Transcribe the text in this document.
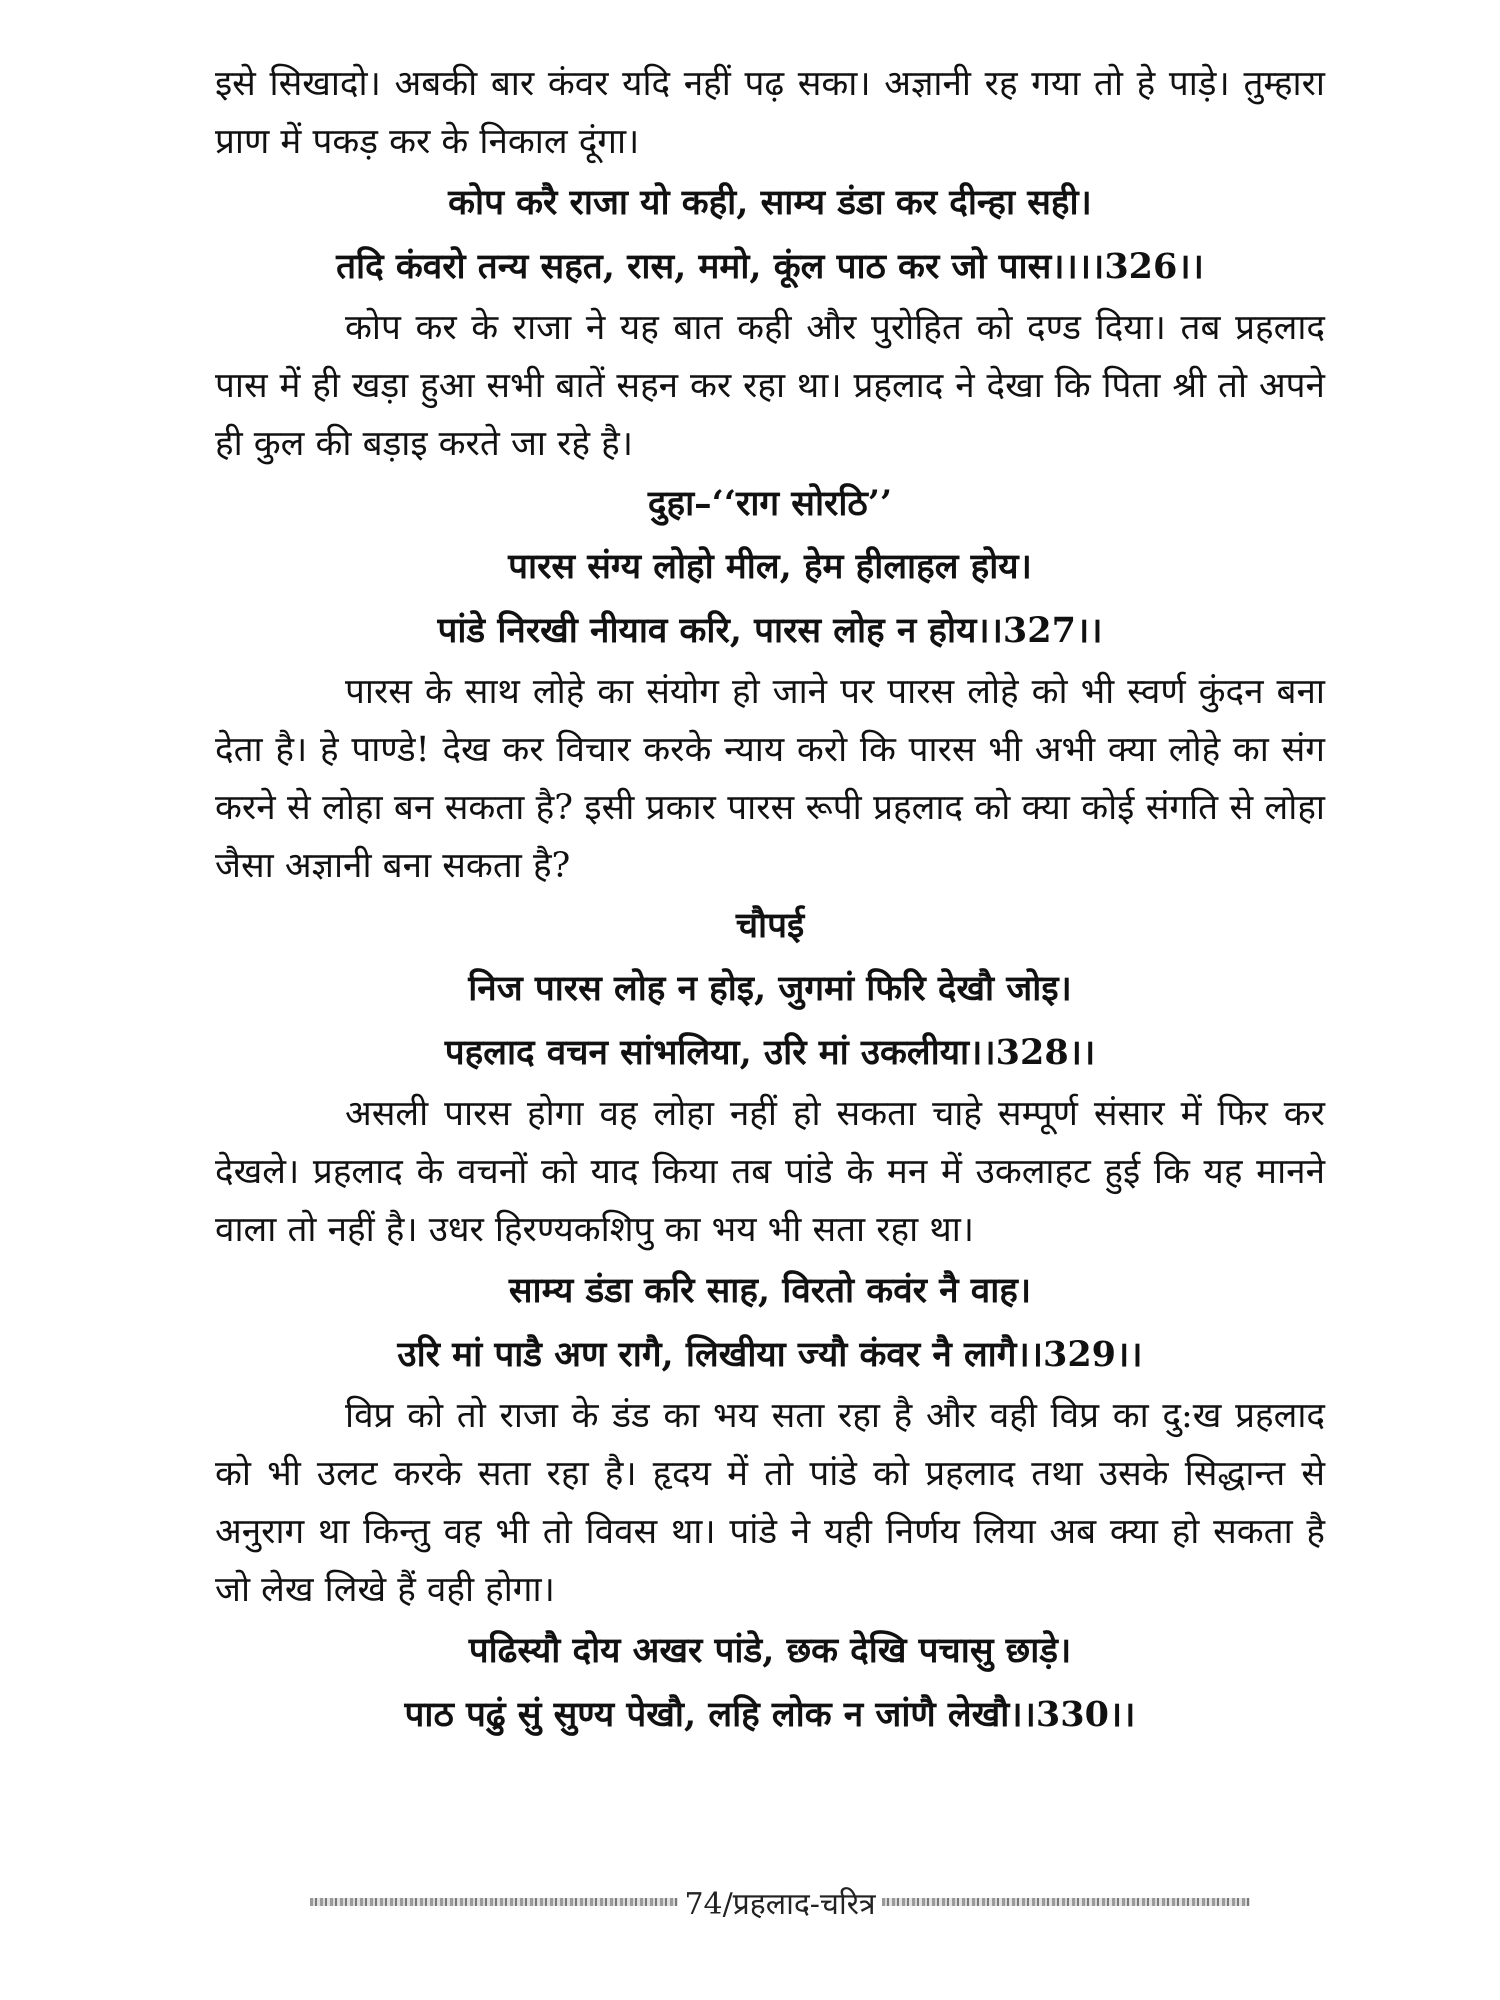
इसे सिखादो। अबकी बार कंवर यदि नहीं पढ़ सका। अज्ञानी रह गया तो हे पाड़े। तुम्हारा प्राण में पकड़ कर के निकाल दूंगा।

कोप करै राजा यो कही, साम्य डंडा कर दीन्हा सही।

तदि कंवरो तन्य सहत, रास, ममो, कूंल पाठ कर जो पास।।।।326।।

कोप कर के राजा ने यह बात कही और पुरोहित को दण्ड दिया। तब प्रहलाद पास में ही खड़ा हुआ सभी बातें सहन कर रहा था। प्रहलाद ने देखा कि पिता श्री तो अपने ही कुल की बड़ाइ करते जा रहे है।

दुहा–‘‘राग सोरठि’’

पारस संग्य लोहो मील, हेम हीलाहल होय।

पांडे निरखी नीयाव करि, पारस लोह न होय।।327।।

पारस के साथ लोहे का संयोग हो जाने पर पारस लोहे को भी स्वर्ण कुंदन बना देता है। हे पाण्डे! देख कर विचार करके न्याय करो कि पारस भी अभी क्या लोहे का संग करने से लोहा बन सकता है? इसी प्रकार पारस रूपी प्रहलाद को क्या कोई संगति से लोहा जैसा अज्ञानी बना सकता है?

चौपई

निज पारस लोह न होइ, जुगमां फिरि देखौ जोइ।

पहलाद वचन सांभलिया, उरि मां उकलीया।।328।।

असली पारस होगा वह लोहा नहीं हो सकता चाहे सम्पूर्ण संसार में फिर कर देखले। प्रहलाद के वचनों को याद किया तब पांडे के मन में उकलाहट हुई कि यह मानने वाला तो नहीं है। उधर हिरण्यकशिपु का भय भी सता रहा था।

साम्य डंडा करि साह, विरतो कवंर नै वाह।

उरि मां पाडै अण रागै, लिखीया ज्यौ कंवर नै लागै।।329।।

विप्र को तो राजा के डंड का भय सता रहा है और वही विप्र का दु:ख प्रहलाद को भी उलट करके सता रहा है। हृदय में तो पांडे को प्रहलाद तथा उसके सिद्धान्त से अनुराग था किन्तु वह भी तो विवस था। पांडे ने यही निर्णय लिया अब क्या हो सकता है जो लेख लिखे हैं वही होगा।

पढिस्यौ दोय अखर पांडे, छक देखि पचासु छाड़े।

पाठ पढुं सुं सुण्य पेखौ, लहि लोक न जांणै लेखौ।।330।।

74/प्रहलाद-चरित्र
